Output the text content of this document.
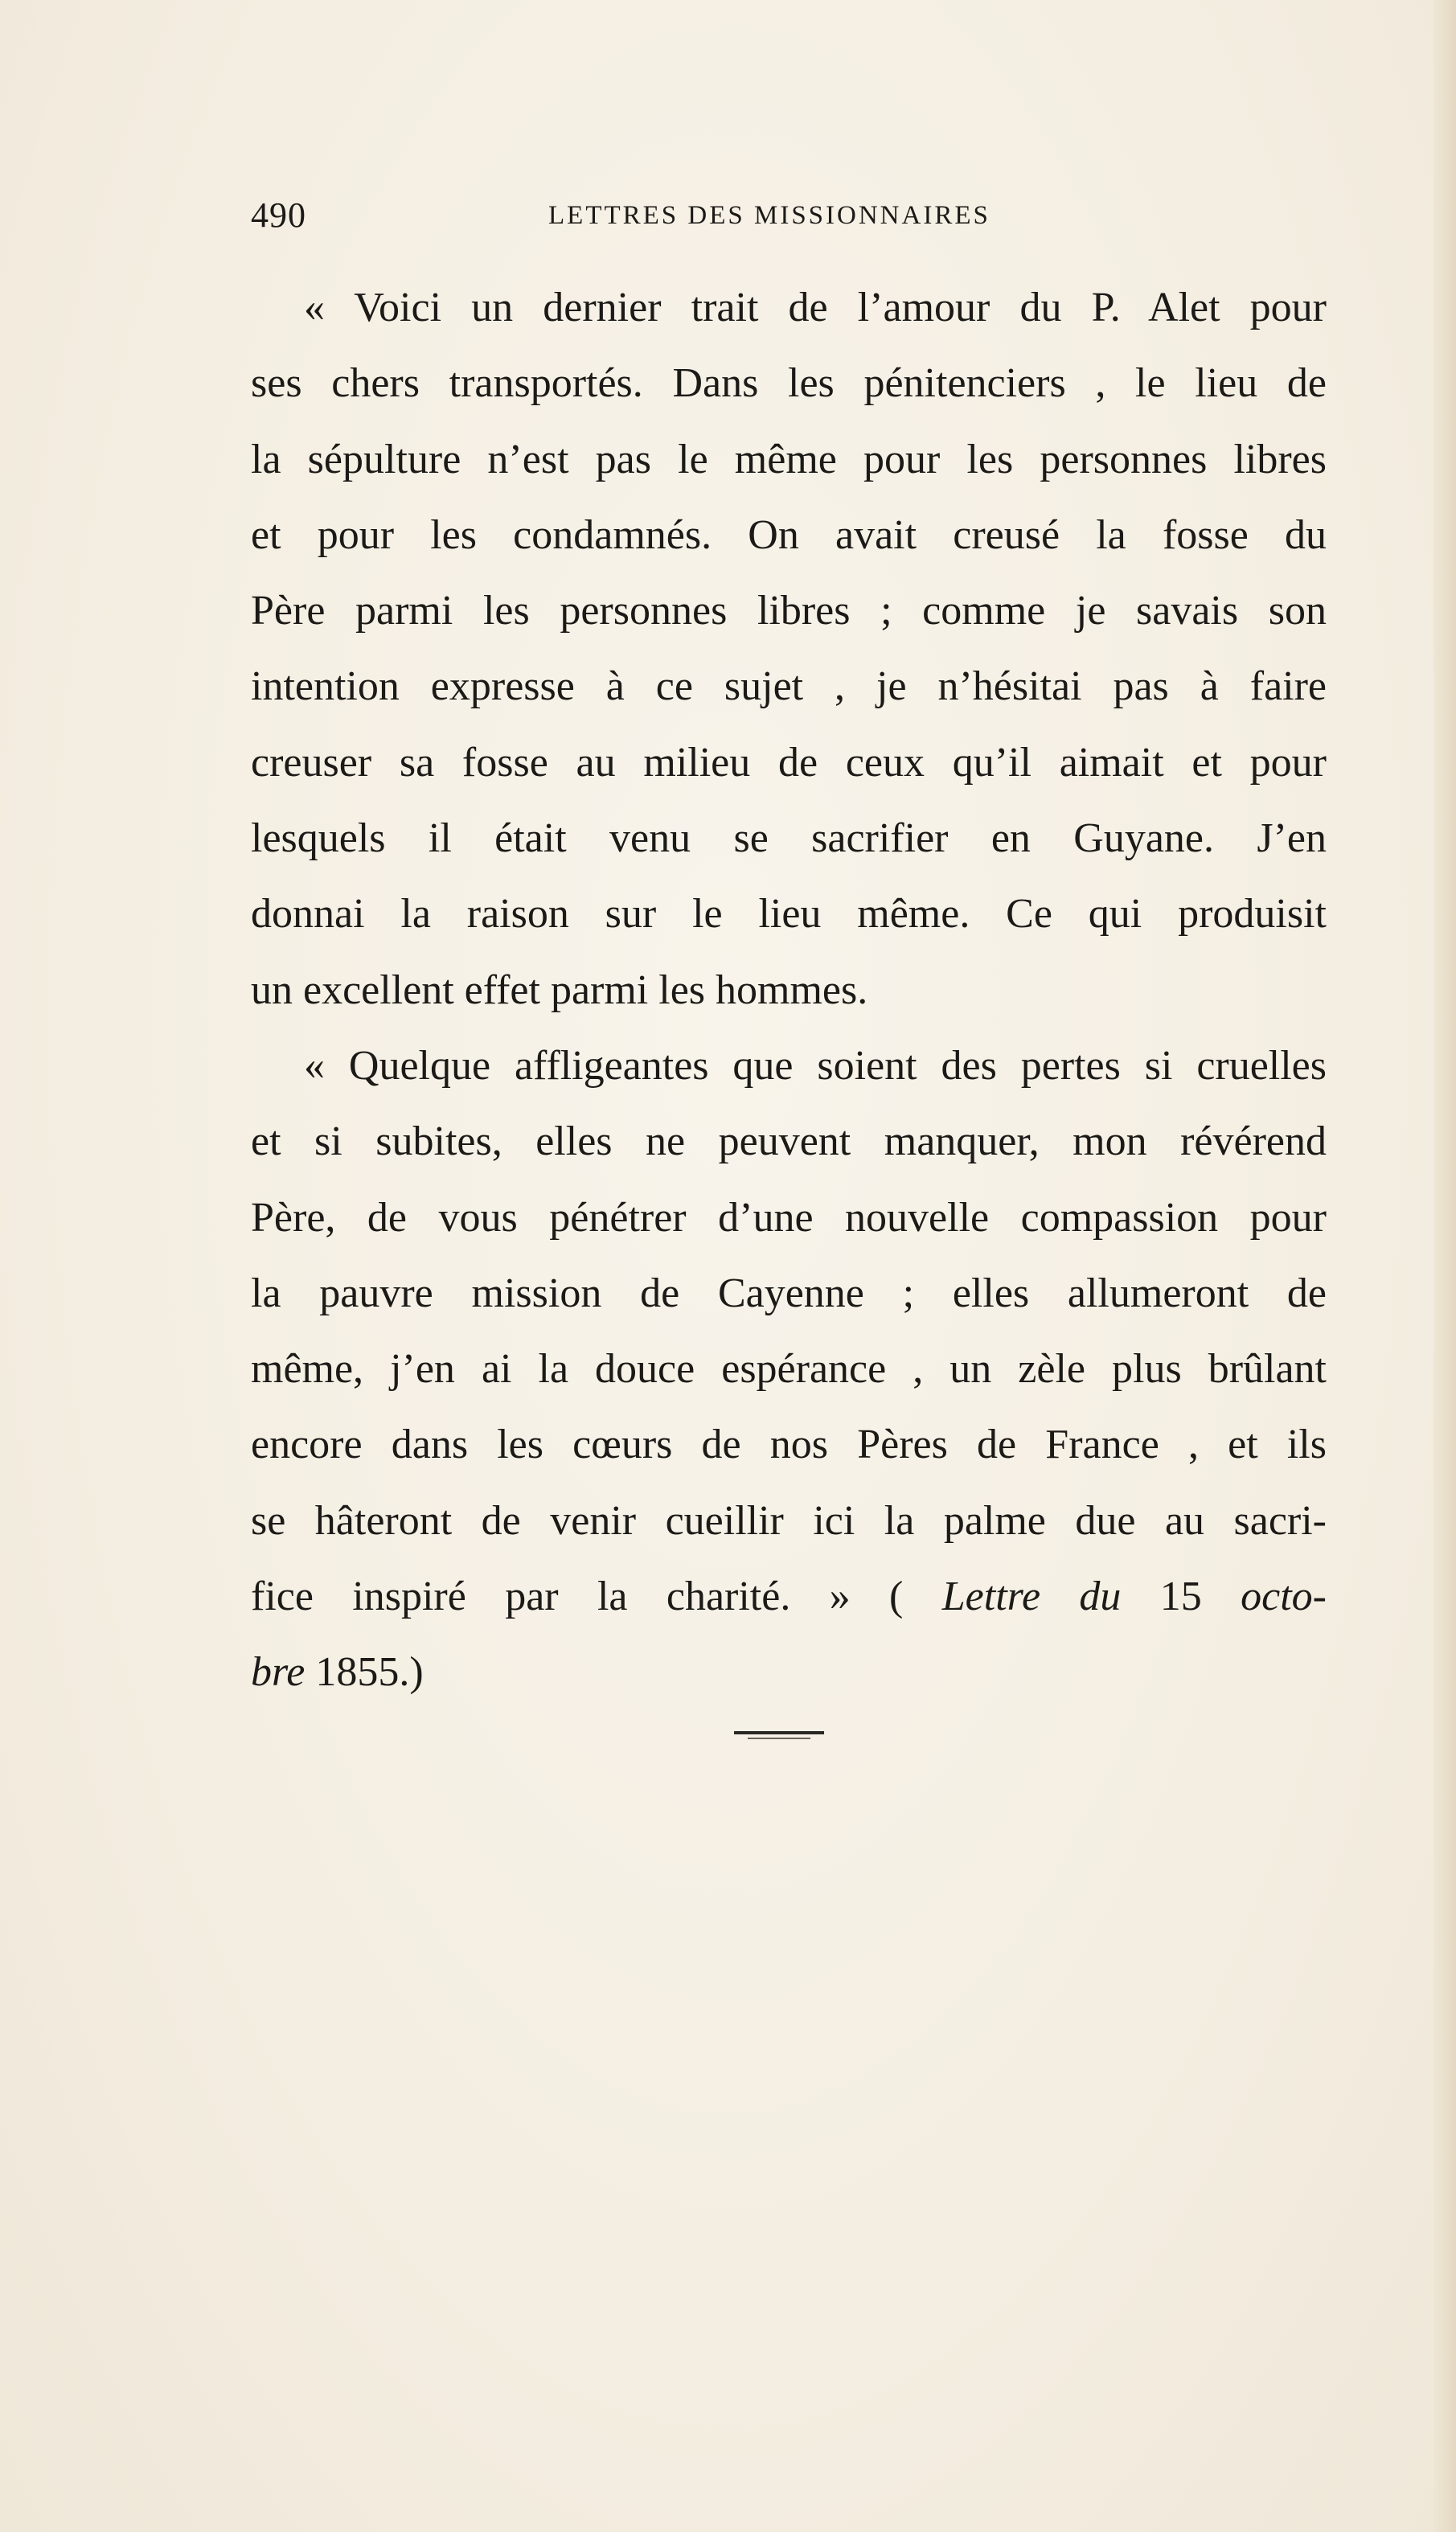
490	LETTRES DES MISSIONNAIRES
« Voici un dernier trait de l’amour du P. Alet pour
ses chers transportés. Dans les pénitenciers , le lieu de
la sépulture n’est pas le même pour les personnes libres
et pour les condamnés. On avait creusé la fosse du
Père parmi les personnes libres ; comme je savais son
intention expresse à ce sujet , je n’hésitai pas à faire
creuser sa fosse au milieu de ceux qu’il aimait et pour
lesquels il était venu se sacrifier en Guyane. J’en
donnai la raison sur le lieu même. Ce qui produisit
un excellent effet parmi les hommes.
« Quelque affligeantes que soient des pertes si cruelles
et si subites, elles ne peuvent manquer, mon révérend
Père, de vous pénétrer d’une nouvelle compassion pour
la pauvre mission de Cayenne ; elles allumeront de
même, j’en ai la douce espérance , un zèle plus brûlant
encore dans les cœurs de nos Pères de France , et ils
se hâteront de venir cueillir ici la palme due au sacri-
fice inspiré par la charité. » ( Lettre du 15 octo-
bre 1855.)
